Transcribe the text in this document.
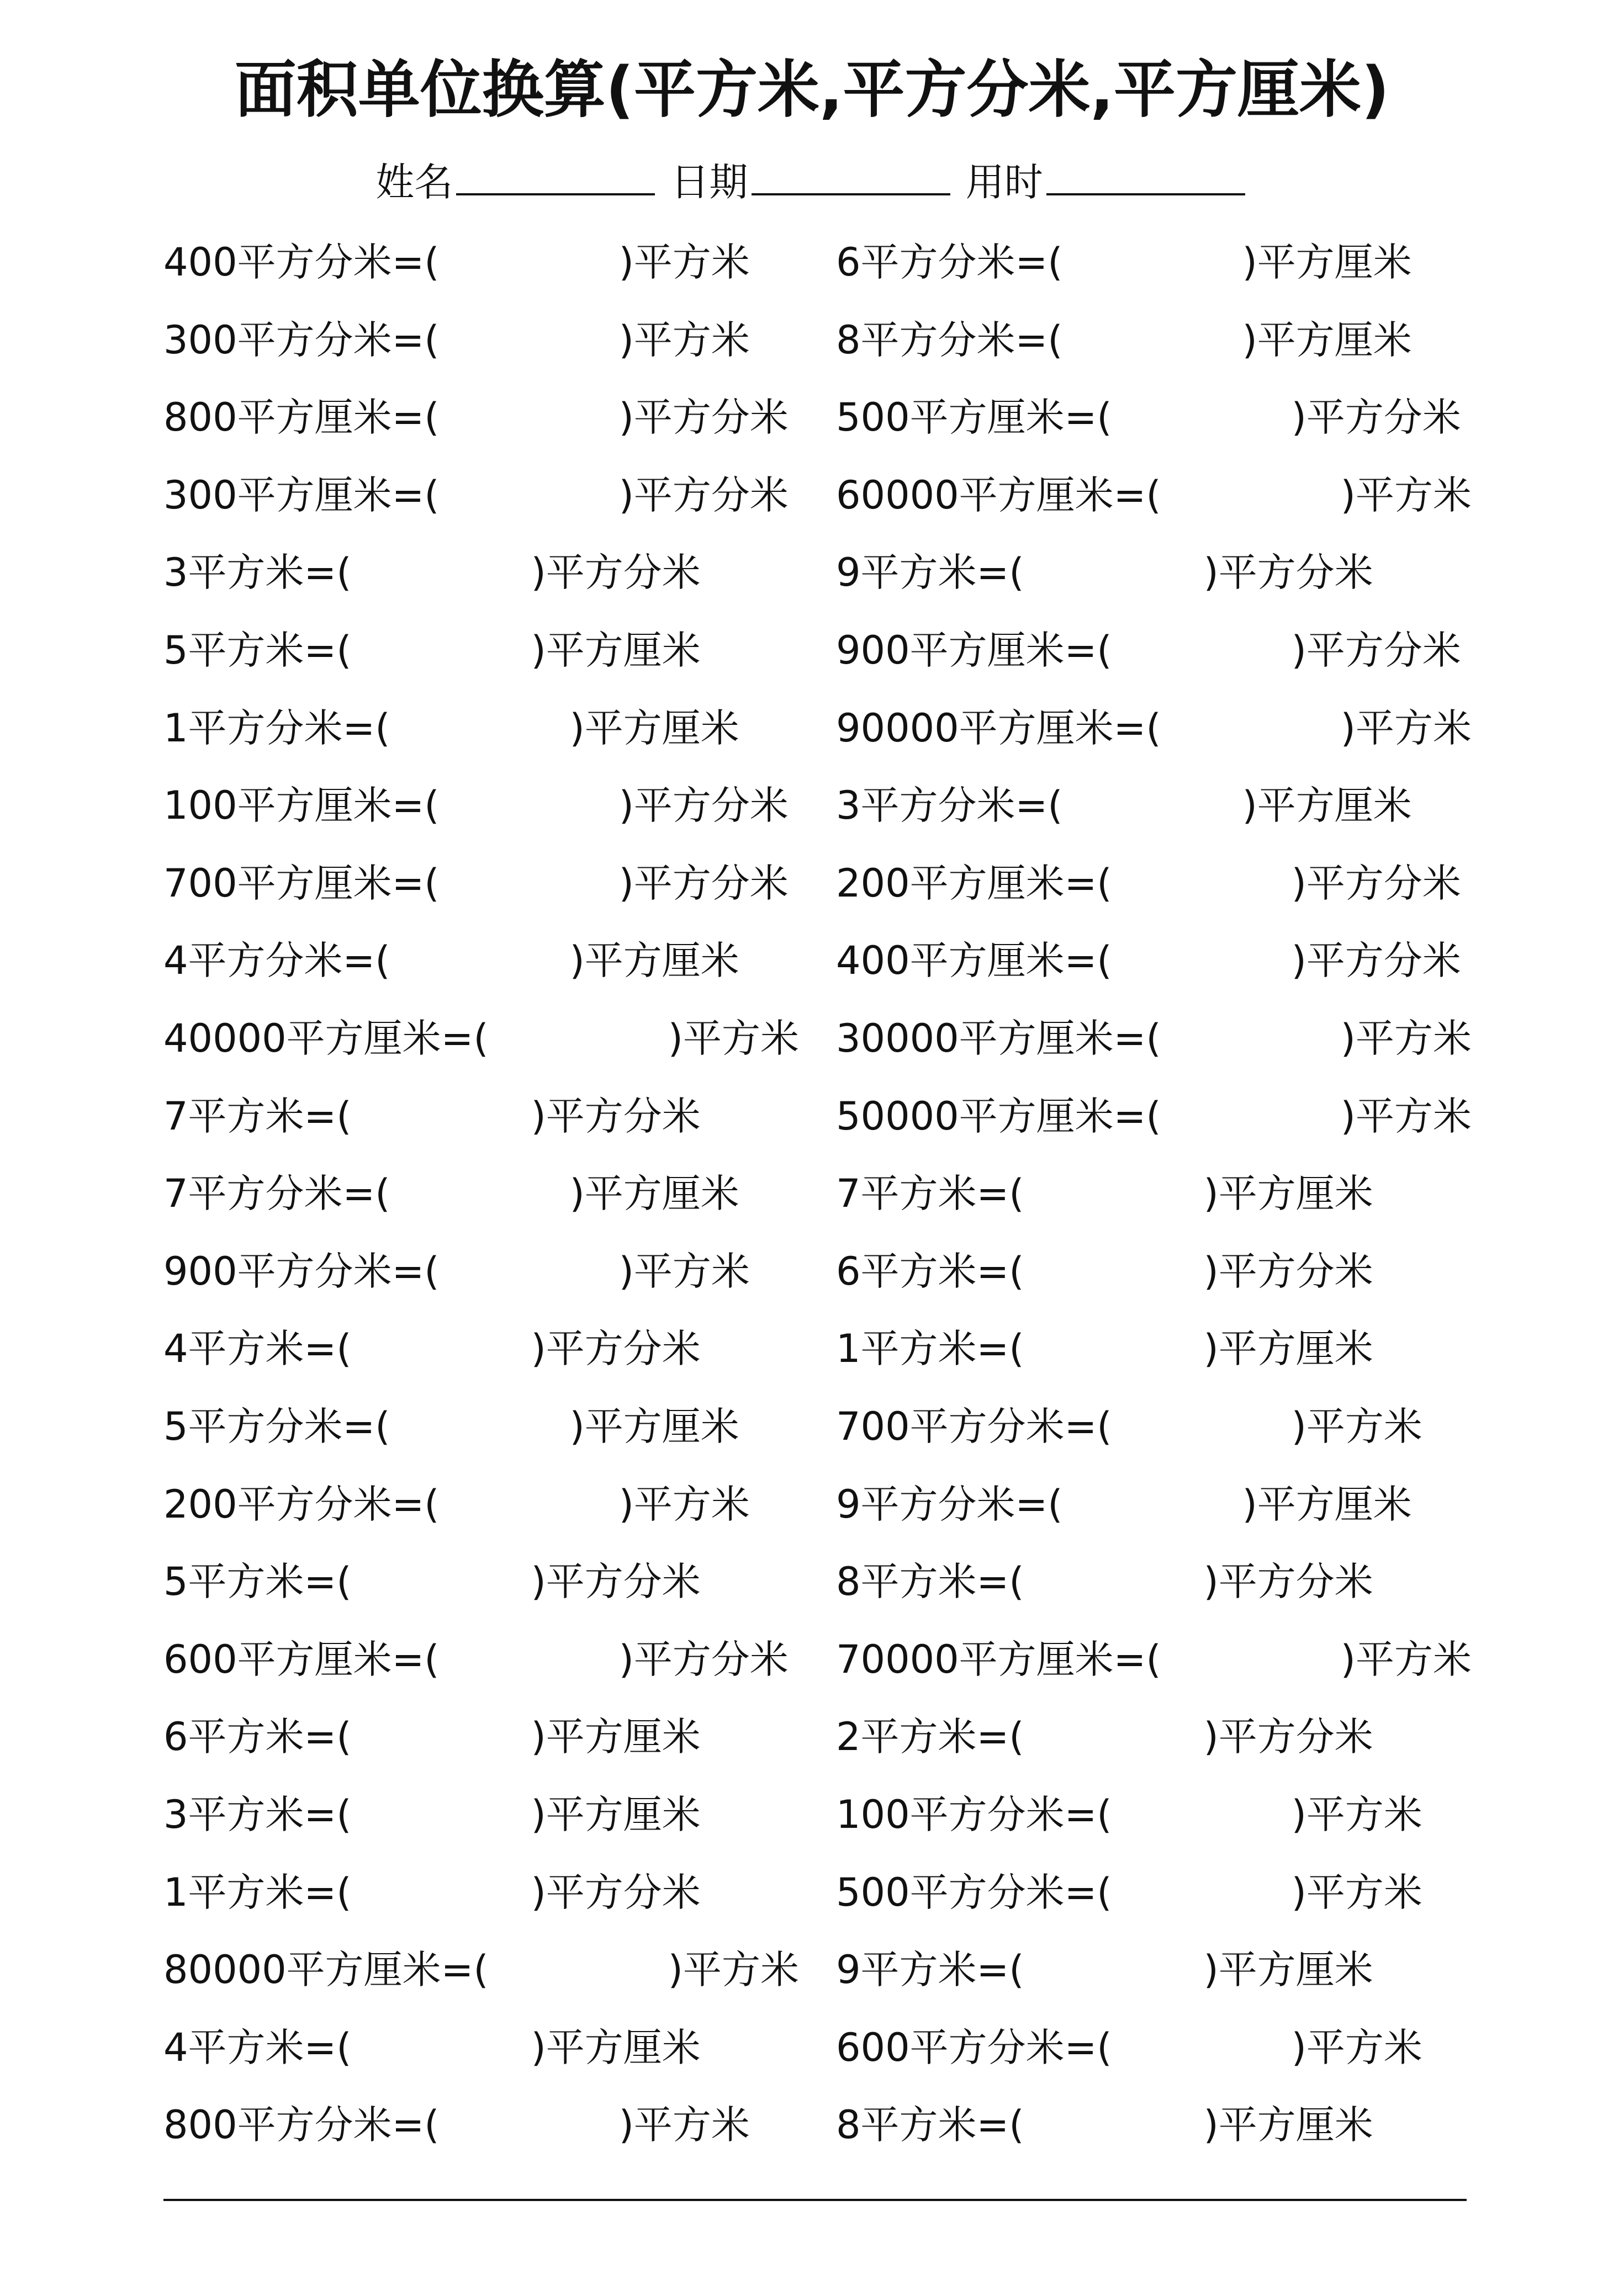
面积单位换算(平方米,平方分米,平方厘米)
姓名	日期	用时
400平方分米=(	)平方米
300平方分米=(	)平方米
800平方厘米=(	)平方分米
300平方厘米=(	)平方分米
3平方米=(	)平方分米
5平方米=(	)平方厘米
1平方分米=(	)平方厘米
100平方厘米=(	)平方分米
700平方厘米=(	)平方分米
4平方分米=(	)平方厘米
40000平方厘米=(	)平方米
7平方米=(	)平方分米
7平方分米=(	)平方厘米
900平方分米=(	)平方米
4平方米=(	)平方分米
5平方分米=(	)平方厘米
200平方分米=(	)平方米
5平方米=(	)平方分米
600平方厘米=(	)平方分米
6平方米=(	)平方厘米
3平方米=(	)平方厘米
1平方米=(	)平方分米
80000平方厘米=(	)平方米
4平方米=(	)平方厘米
800平方分米=(	)平方米
6平方分米=(	)平方厘米
8平方分米=(	)平方厘米
500平方厘米=(	)平方分米
60000平方厘米=(	)平方米
9平方米=(	)平方分米
900平方厘米=(	)平方分米
90000平方厘米=(	)平方米
3平方分米=(	)平方厘米
200平方厘米=(	)平方分米
400平方厘米=(	)平方分米
30000平方厘米=(	)平方米
50000平方厘米=(	)平方米
7平方米=(	)平方厘米
6平方米=(	)平方分米
1平方米=(	)平方厘米
700平方分米=(	)平方米
9平方分米=(	)平方厘米
8平方米=(	)平方分米
70000平方厘米=(	)平方米
2平方米=(	)平方分米
100平方分米=(	)平方米
500平方分米=(	)平方米
9平方米=(	)平方厘米
600平方分米=(	)平方米
8平方米=(	)平方厘米
